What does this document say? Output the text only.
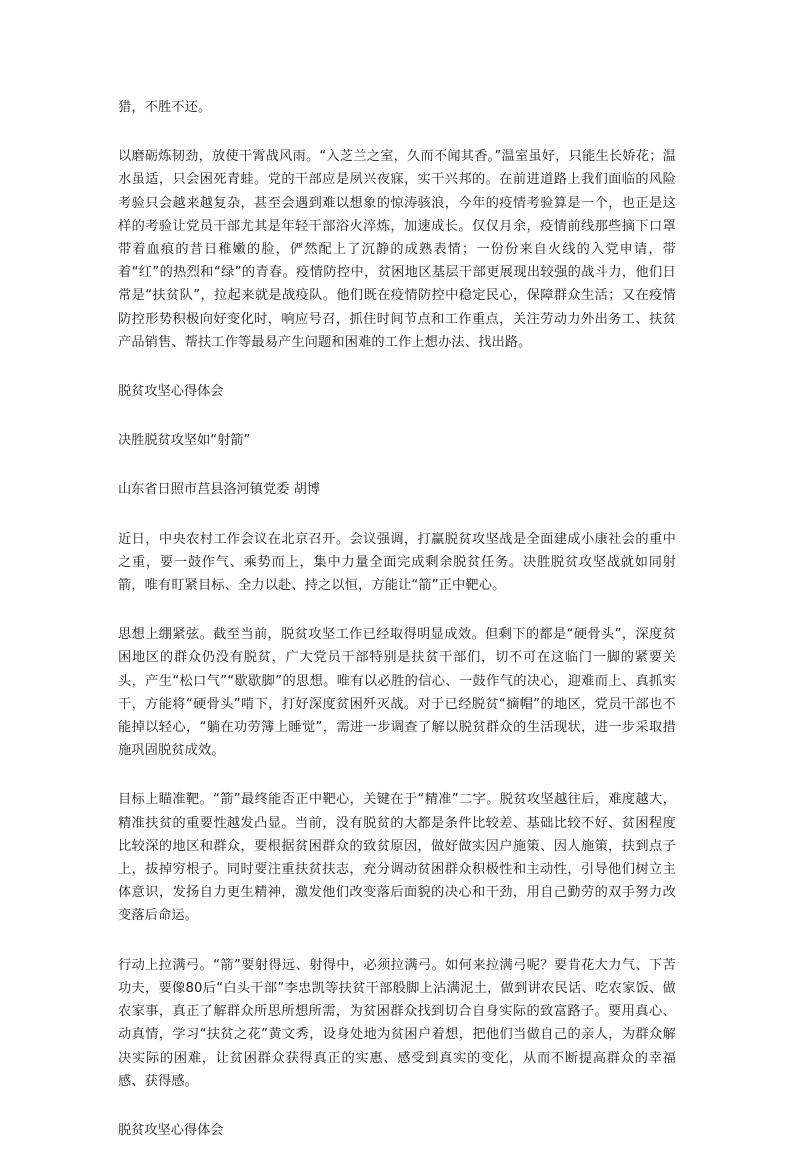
猎，不胜不还。

以磨砺炼韧劲，放使干霄战风雨。“入芝兰之室，久而不闻其香。”温室虽好，只能生长娇花；温水虽适，只会困死青蛙。党的干部应是夙兴夜寐，实干兴邦的。在前进道路上我们面临的风险考验只会越来越复杂，甚至会遇到难以想象的惊涛骇浪，今年的疫情考验算是一个，也正是这样的考验让党员干部尤其是年轻干部浴火淬炼，加速成长。仅仅月余，疫情前线那些摘下口罩带着血痕的昔日稚嫩的脸，俨然配上了沉静的成熟表情；一份份来自火线的入党申请，带着“红”的热烈和“绿”的青春。疫情防控中，贫困地区基层干部更展现出较强的战斗力，他们日常是“扶贫队”，拉起来就是战疫队。他们既在疫情防控中稳定民心，保障群众生活；又在疫情防控形势积极向好变化时，响应号召，抓住时间节点和工作重点，关注劳动力外出务工、扶贫产品销售、帮扶工作等最易产生问题和困难的工作上想办法、找出路。

脱贫攻坚心得体会

决胜脱贫攻坚如“射箭”

山东省日照市莒县洛河镇党委 胡博

近日，中央农村工作会议在北京召开。会议强调，打赢脱贫攻坚战是全面建成小康社会的重中之重，要一鼓作气、乘势而上，集中力量全面完成剩余脱贫任务。决胜脱贫攻坚战就如同射箭，唯有盯紧目标、全力以赴、持之以恒，方能让“箭”正中靶心。

思想上绷紧弦。截至当前，脱贫攻坚工作已经取得明显成效。但剩下的都是“硬骨头”，深度贫困地区的群众仍没有脱贫，广大党员干部特别是扶贫干部们，切不可在这临门一脚的紧要关头，产生“松口气”“歇歇脚”的思想。唯有以必胜的信心、一鼓作气的决心，迎难而上、真抓实干，方能将“硬骨头”啃下，打好深度贫困歼灭战。对于已经脱贫“摘帽”的地区，党员干部也不能掉以轻心，“躺在功劳簿上睡觉”，需进一步调查了解以脱贫群众的生活现状，进一步采取措施巩固脱贫成效。

目标上瞄准靶。“箭”最终能否正中靶心，关键在于“精准”二字。脱贫攻坚越往后，难度越大，精准扶贫的重要性越发凸显。当前，没有脱贫的大都是条件比较差、基础比较不好、贫困程度比较深的地区和群众，要根据贫困群众的致贫原因，做好做实因户施策、因人施策，扶到点子上，拔掉穷根子。同时要注重扶贫扶志，充分调动贫困群众积极性和主动性，引导他们树立主体意识，发扬自力更生精神，激发他们改变落后面貌的决心和干劲，用自己勤劳的双手努力改变落后命运。

行动上拉满弓。“箭”要射得远、射得中，必须拉满弓。如何来拉满弓呢？要肯花大力气、下苦功夫，要像80后“白头干部”李忠凯等扶贫干部般脚上沾满泥土，做到讲农民话、吃农家饭、做农家事，真正了解群众所思所想所需，为贫困群众找到切合自身实际的致富路子。要用真心、动真情，学习“扶贫之花”黄文秀，设身处地为贫困户着想，把他们当做自己的亲人，为群众解决实际的困难，让贫困群众获得真正的实惠、感受到真实的变化，从而不断提高群众的幸福感、获得感。

脱贫攻坚心得体会
